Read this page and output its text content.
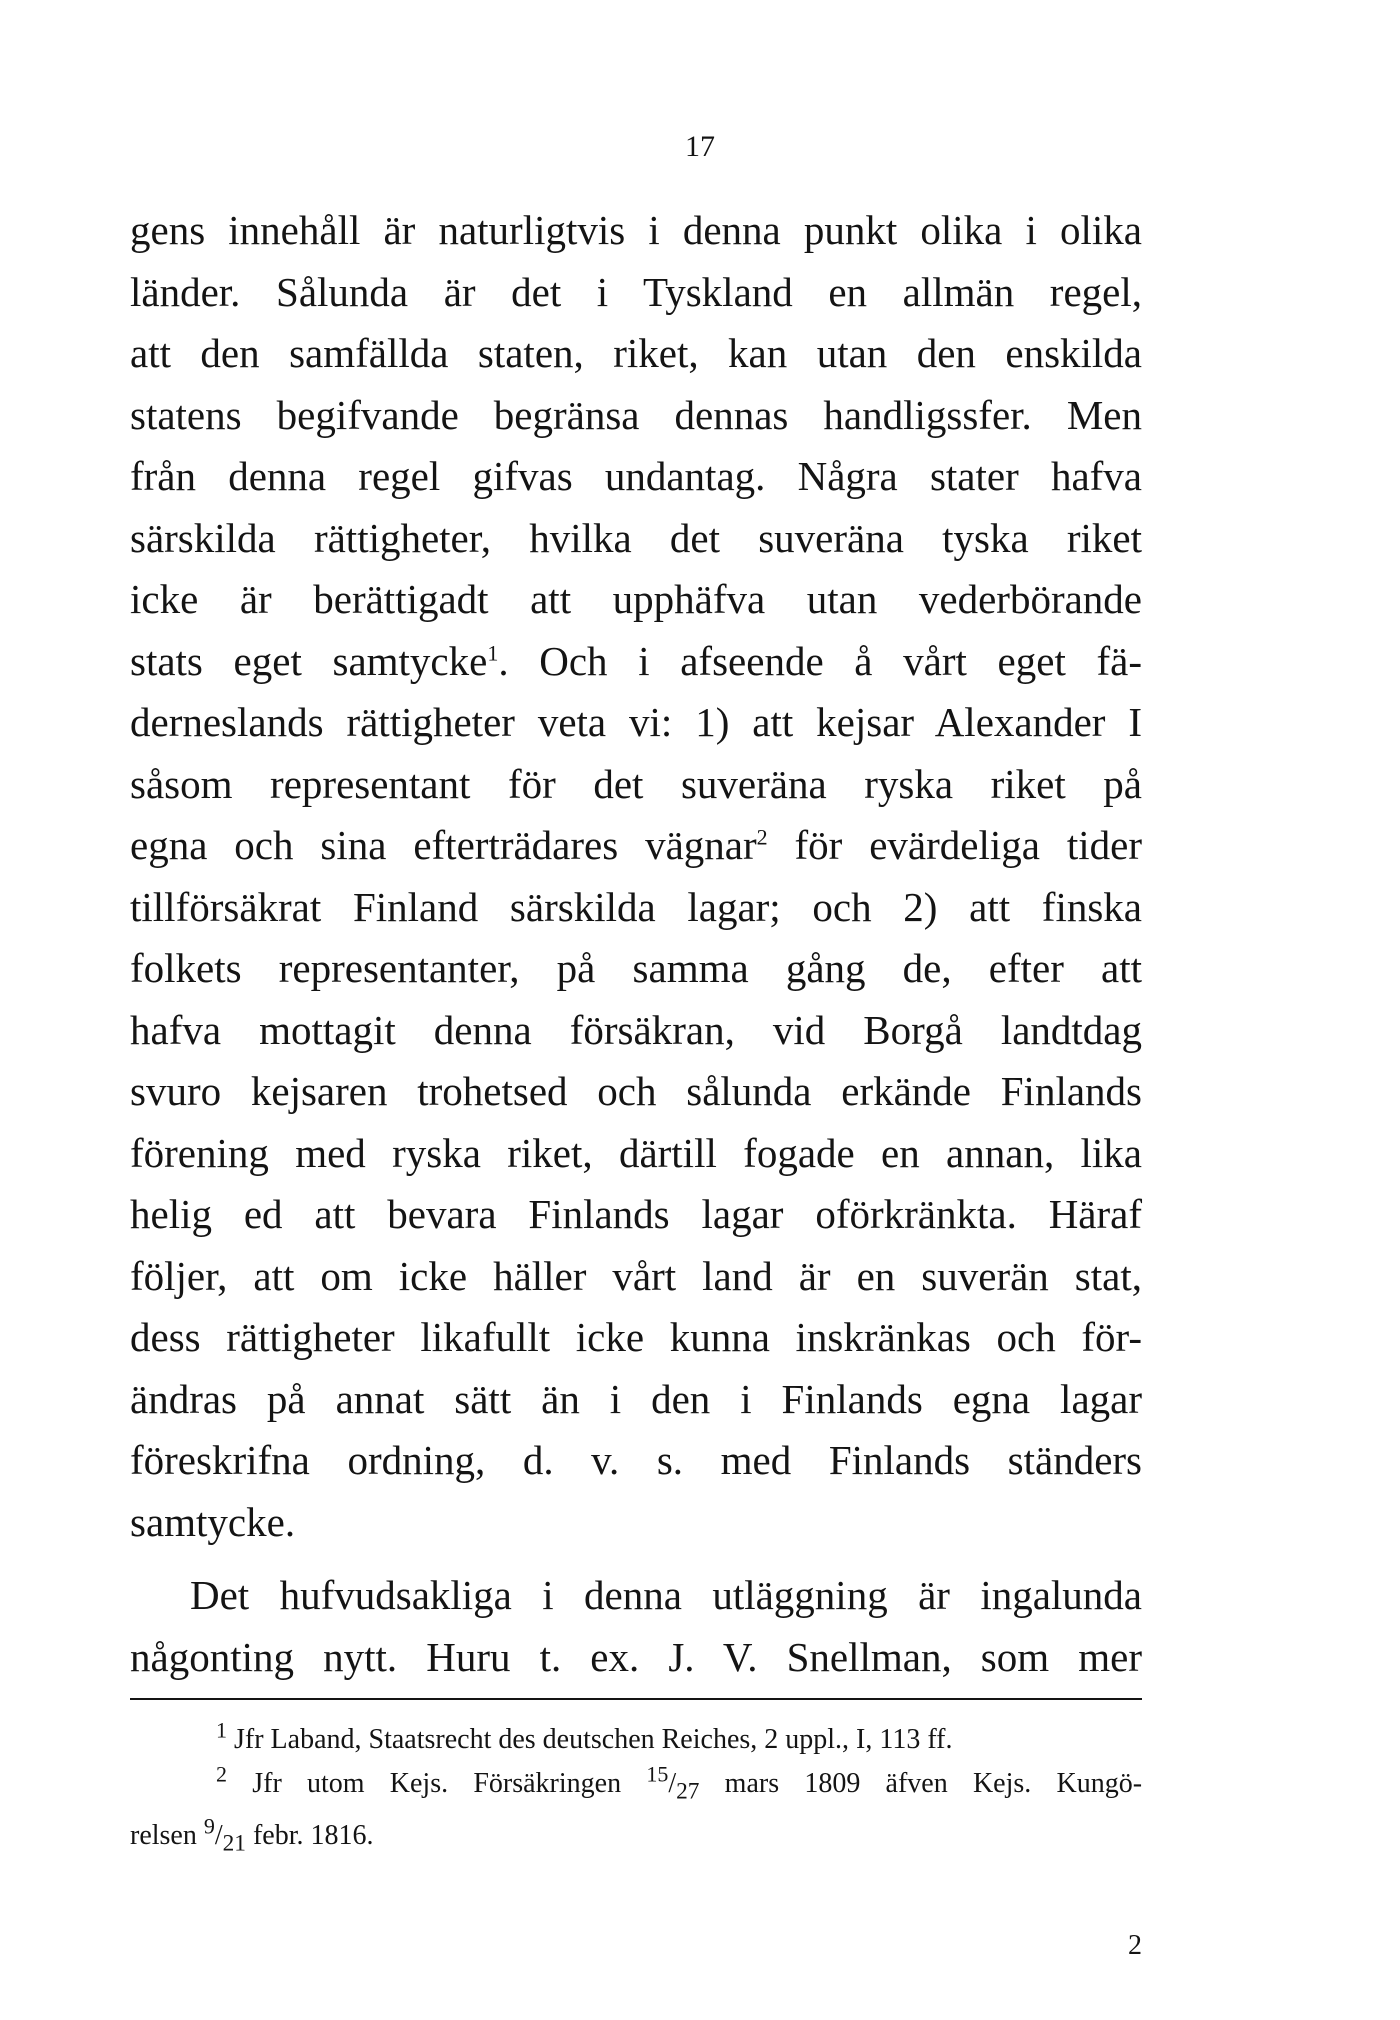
17
gens innehåll är naturligtvis i denna punkt olika i olika
länder. Sålunda är det i Tyskland en allmän regel,
att den samfällda staten, riket, kan utan den enskilda
statens begifvande begränsa dennas handligssfer. Men
från denna regel gifvas undantag. Några stater hafva
särskilda rättigheter, hvilka det suveräna tyska riket
icke är berättigadt att upphäfva utan vederbörande
stats eget samtycke$^1$. Och i afseende å vårt eget fä-
derneslands rättigheter veta vi: 1) att kejsar Alexander I
såsom representant för det suveräna ryska riket på
egna och sina efterträdares vägnar$^2$ för evärdeliga tider
tillförsäkrat Finland särskilda lagar; och 2) att finska
folkets representanter, på samma gång de, efter att
hafva mottagit denna försäkran, vid Borgå landtdag
svuro kejsaren trohetsed och sålunda erkände Finlands
förening med ryska riket, därtill fogade en annan, lika
helig ed att bevara Finlands lagar oförkränkta. Häraf
följer, att om icke häller vårt land är en suverän stat,
dess rättigheter likafullt icke kunna inskränkas och för-
ändras på annat sätt än i den i Finlands egna lagar
föreskrifna ordning, d. v. s. med Finlands ständers
samtycke.
Det hufvudsakliga i denna utläggning är ingalunda
någonting nytt. Huru t. ex. J. V. Snellman, som mer
$^1$ Jfr Laband, Staatsrecht des deutschen Reiches, 2 uppl., I, 113 ff.
$^2$ Jfr utom Kejs. Försäkringen $^{15}/_{27}$ mars 1809 äfven Kejs. Kungö-
relsen $^9/_{21}$ febr. 1816.
2
